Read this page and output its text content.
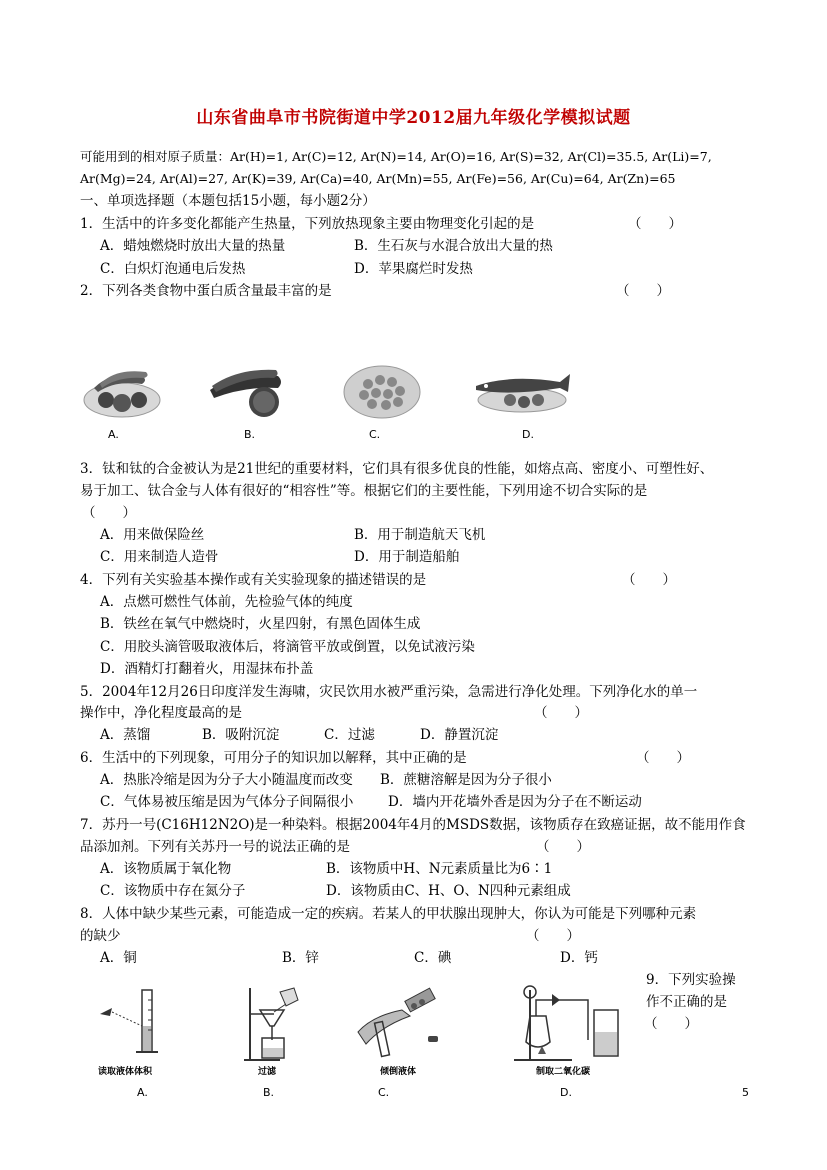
山东省曲阜市书院街道中学2012届九年级化学模拟试题
可能用到的相对原子质量：Ar(H)=1, Ar(C)=12, Ar(N)=14, Ar(O)=16, Ar(S)=32, Ar(Cl)=35.5, Ar(Li)=7,
Ar(Mg)=24, Ar(Al)=27, Ar(K)=39, Ar(Ca)=40, Ar(Mn)=55, Ar(Fe)=56, Ar(Cu)=64, Ar(Zn)=65
一、单项选择题（本题包括15小题，每小题2分）
1．生活中的许多变化都能产生热量，下列放热现象主要由物理变化引起的是	（　　）
A．蜡烛燃烧时放出大量的热量	B．生石灰与水混合放出大量的热
C．白炽灯泡通电后发热	D．苹果腐烂时发热
2．下列各类食物中蛋白质含量最丰富的是	（　　）
A.	B.	C.	D.
3．钛和钛的合金被认为是21世纪的重要材料，它们具有很多优良的性能，如熔点高、密度小、可塑性好、
易于加工、钛合金与人体有很好的“相容性”等。根据它们的主要性能，下列用途不切合实际的是
（　　）
A．用来做保险丝	B．用于制造航天飞机
C．用来制造人造骨	D．用于制造船舶
4．下列有关实验基本操作或有关实验现象的描述错误的是	（　　）
A．点燃可燃性气体前，先检验气体的纯度
B．铁丝在氧气中燃烧时，火星四射，有黑色固体生成
C．用胶头滴管吸取液体后，将滴管平放或倒置，以免试液污染
D．酒精灯打翻着火，用湿抹布扑盖
5．2004年12月26日印度洋发生海啸，灾民饮用水被严重污染，急需进行净化处理。下列净化水的单一
操作中，净化程度最高的是	（　　）
A．蒸馏	B．吸附沉淀	C．过滤	D．静置沉淀
6．生活中的下列现象，可用分子的知识加以解释，其中正确的是	（　　）
A．热胀冷缩是因为分子大小随温度而改变 B．蔗糖溶解是因为分子很小
C．气体易被压缩是因为气体分子间隔很小	D．墙内开花墙外香是因为分子在不断运动
7．苏丹一号(C16H12N2O)是一种染料。根据2004年4月的MSDS数据，该物质存在致癌证据，故不能用作食
品添加剂。下列有关苏丹一号的说法正确的是	（　　）
A．该物质属于氧化物	B．该物质中H、N元素质量比为6∶1
C．该物质中存在氮分子	D．该物质由C、H、O、N四种元素组成
8．人体中缺少某些元素，可能造成一定的疾病。若某人的甲状腺出现肿大，你认为可能是下列哪种元素
的缺少	（　　）
A．铜	B．锌	C．碘	D．钙
9．下列实验操
作不正确的是
（　　）
读取液体体积	过滤	倾倒液体	制取二氧化碳
A.	B.	C.	D.	5
